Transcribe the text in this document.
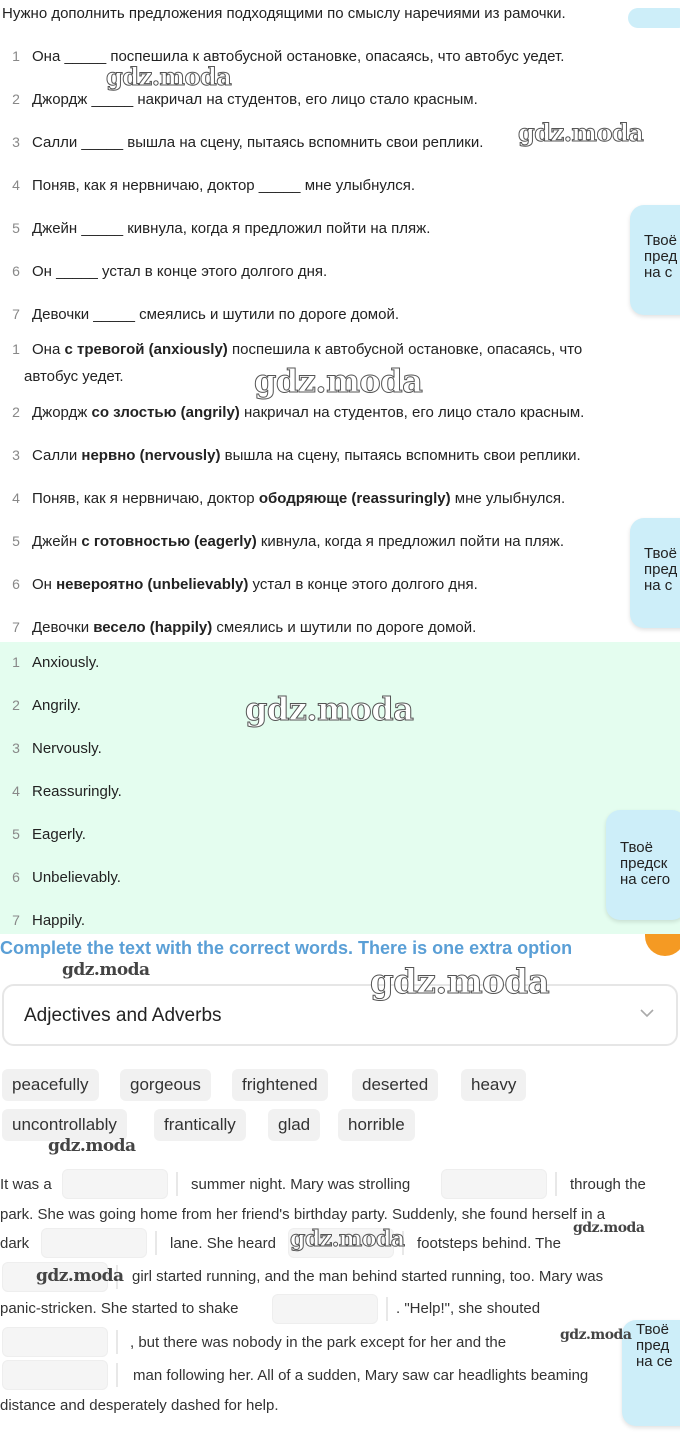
Нужно дополнить предложения подходящими по смыслу наречиями из рамочки.
1 Она _____ поспешила к автобусной остановке, опасаясь, что автобус уедет.
2 Джордж _____ накричал на студентов, его лицо стало красным.
3 Салли _____ вышла на сцену, пытаясь вспомнить свои реплики.
4 Поняв, как я нервничаю, доктор _____ мне улыбнулся.
5 Джейн _____ кивнула, когда я предложил пойти на пляж.
6 Он _____ устал в конце этого долгого дня.
7 Девочки _____ смеялись и шутили по дороге домой.
1 Она с тревогой (anxiously) поспешила к автобусной остановке, опасаясь, что
автобус уедет.
2 Джордж со злостью (angrily) накричал на студентов, его лицо стало красным.
3 Салли нервно (nervously) вышла на сцену, пытаясь вспомнить свои реплики.
4 Поняв, как я нервничаю, доктор ободряюще (reassuringly) мне улыбнулся.
5 Джейн с готовностью (eagerly) кивнула, когда я предложил пойти на пляж.
6 Он невероятно (unbelievably) устал в конце этого долгого дня.
7 Девочки весело (happily) смеялись и шутили по дороге домой.
1 Anxiously.
2 Angrily.
3 Nervously.
4 Reassuringly.
5 Eagerly.
6 Unbelievably.
7 Happily.
Твоё
пред
на с
Твоё
пред
на с
Твоё
предск
на сего
Твоё
пред
на се
Complete the text with the correct words. There is one extra option
Adjectives and Adverbs
peacefully	gorgeous	frightened	deserted	heavy
uncontrollably	frantically	glad	horrible
It was a	summer night. Mary was strolling	through the
park. She was going home from her friend's birthday party. Suddenly, she found herself in a
dark	lane. She heard	footsteps behind. The
girl started running, and the man behind started running, too. Mary was
panic-stricken. She started to shake	. "Help!", she shouted
, but there was nobody in the park except for her and the
man following her. All of a sudden, Mary saw car headlights beaming
distance and desperately dashed for help.
gdz.moda
gdz.moda
gdz.moda
gdz.moda
gdz.moda	gdz.moda
gdz.moda
gdz.moda
gdz.moda
gdz.moda
gdz.moda
